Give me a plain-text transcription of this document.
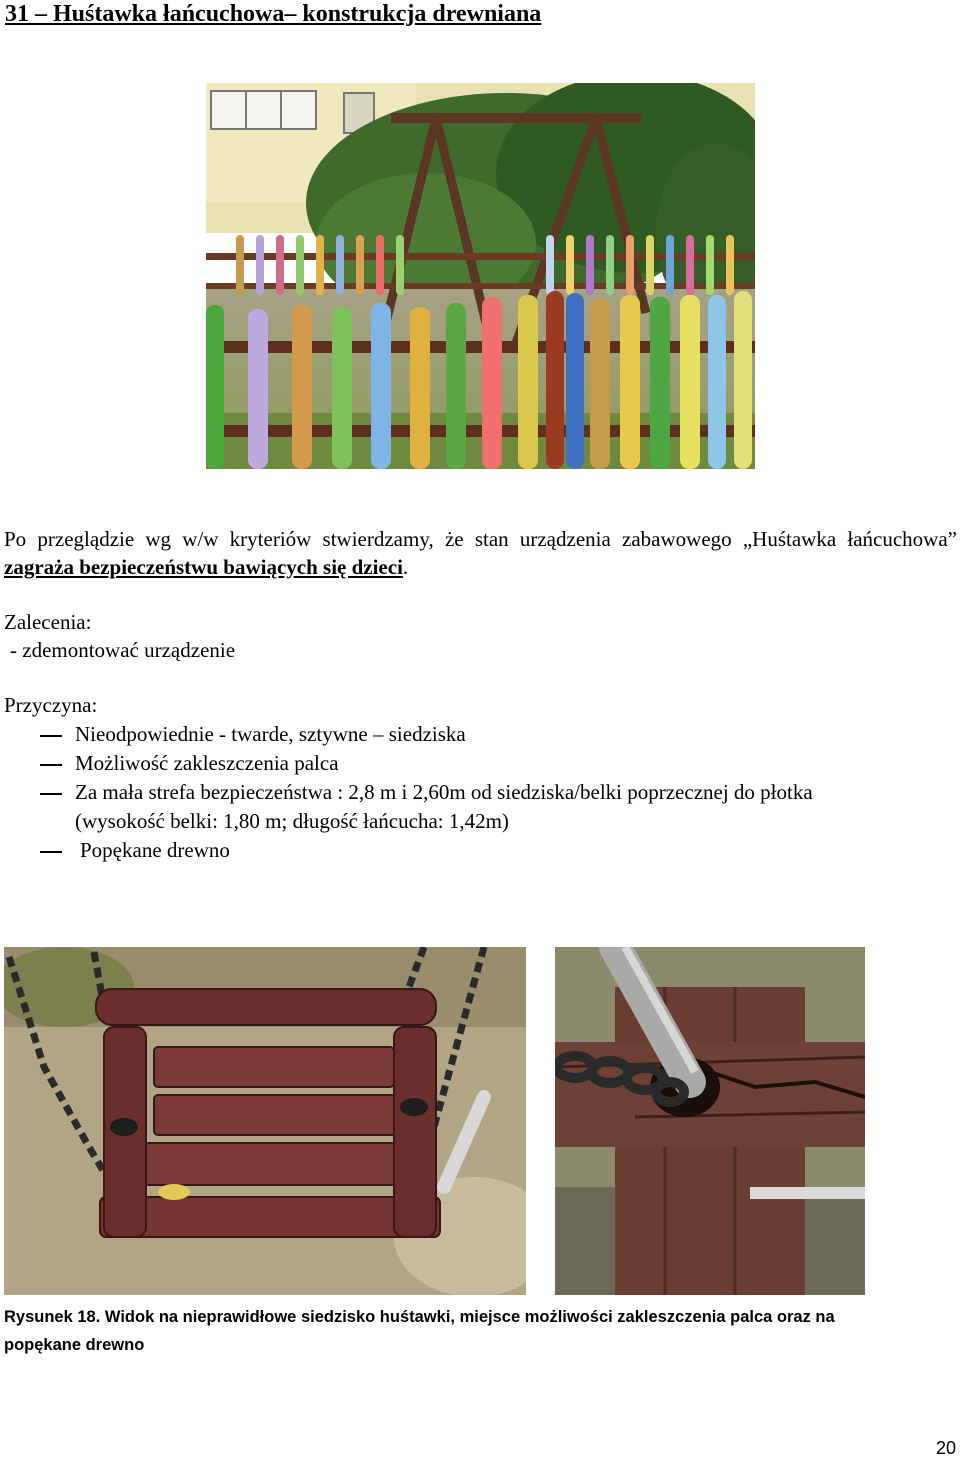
31 – Huśtawka łańcuchowa– konstrukcja drewniana
Po przeglądzie wg w/w kryteriów stwierdzamy, że stan urządzenia zabawowego „Huśtawka łańcuchowa” zagraża bezpieczeństwu bawiących się dzieci.
Zalecenia:
- zdemontować urządzenie
Przyczyna:
Nieodpowiednie - twarde, sztywne – siedziska
Możliwość zakleszczenia palca
Za mała strefa bezpieczeństwa : 2,8 m i 2,60m od siedziska/belki poprzecznej do płotka
(wysokość belki: 1,80 m; długość łańcucha: 1,42m)
Popękane drewno
Rysunek 18. Widok na nieprawidłowe siedzisko huśtawki, miejsce możliwości zakleszczenia palca oraz na popękane drewno
20
